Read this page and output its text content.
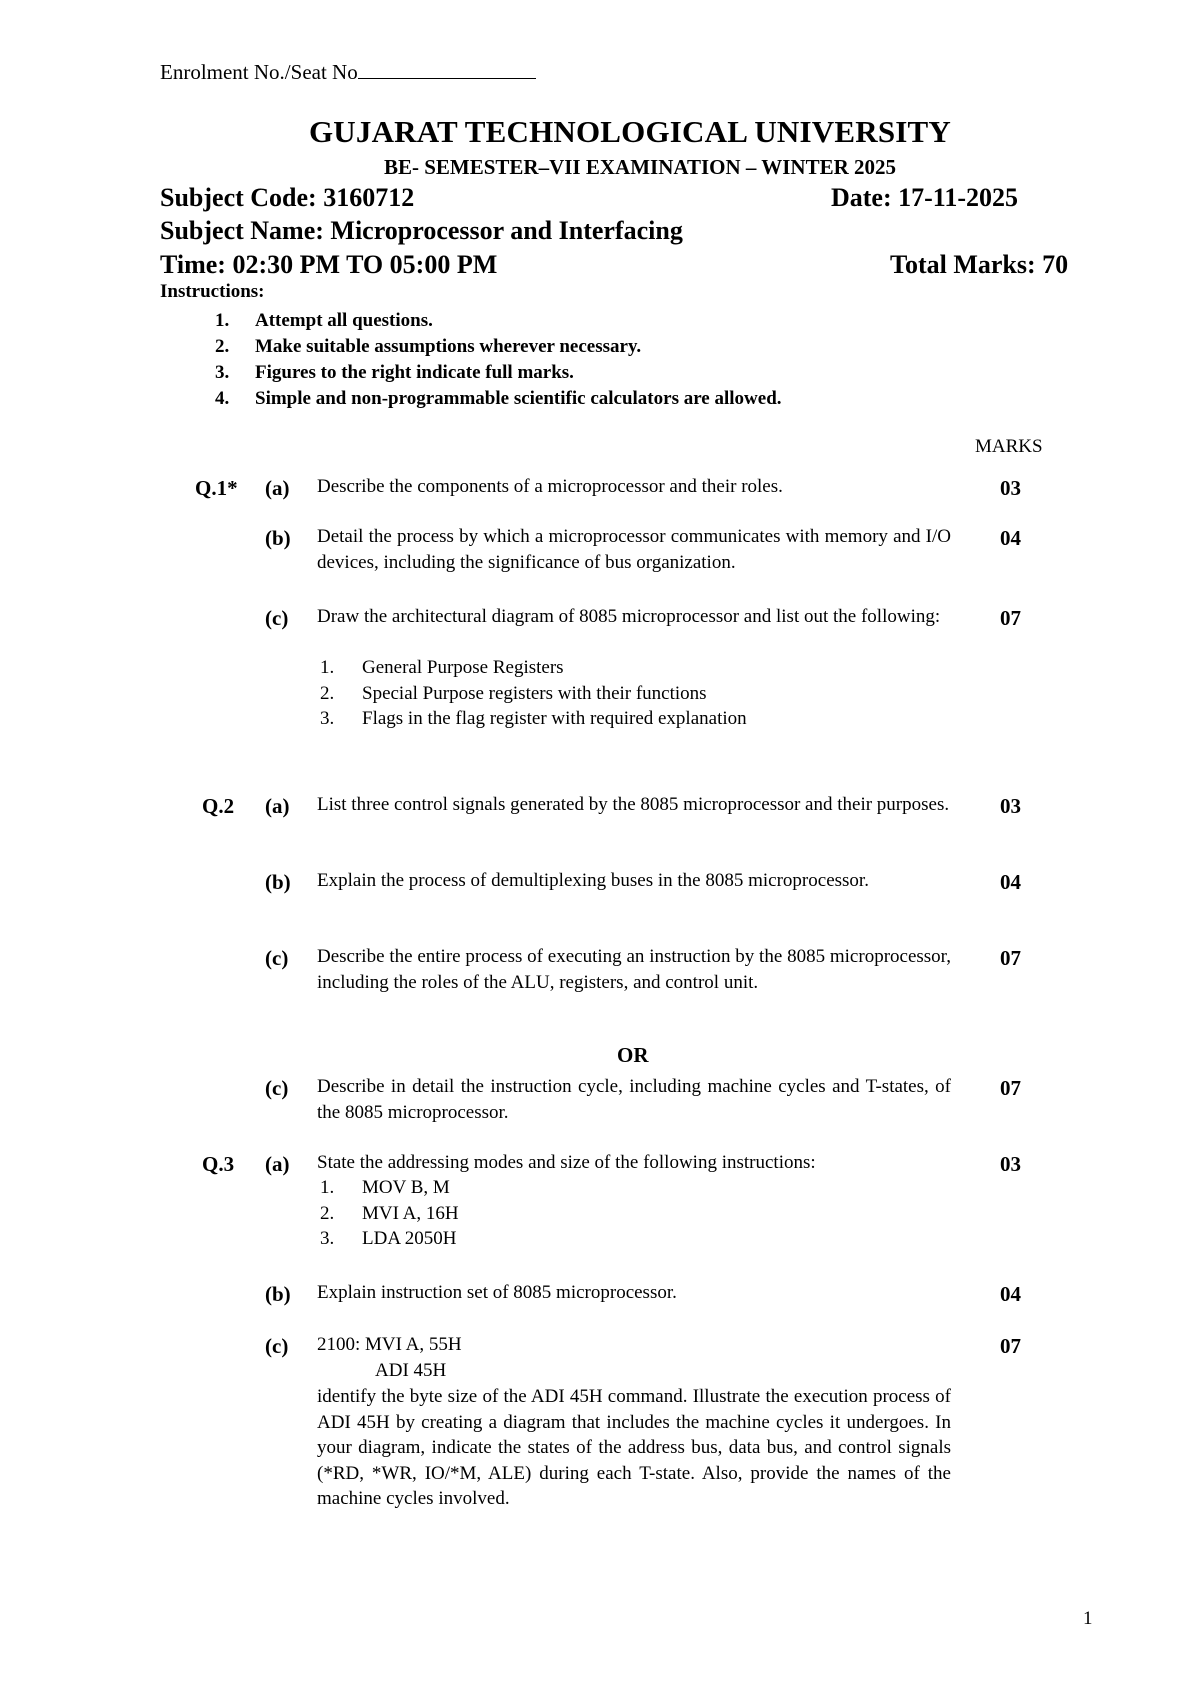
Enrolment No./Seat No
GUJARAT TECHNOLOGICAL UNIVERSITY
BE- SEMESTER–VII EXAMINATION – WINTER 2025
Subject Code: 3160712	Date: 17-11-2025
Subject Name: Microprocessor and Interfacing
Time: 02:30 PM TO 05:00 PM	Total Marks: 70
Instructions:
1. Attempt all questions.
2. Make suitable assumptions wherever necessary.
3. Figures to the right indicate full marks.
4. Simple and non-programmable scientific calculators are allowed.
MARKS
Q.1* (a) Describe the components of a microprocessor and their roles.	03
(b) Detail the process by which a microprocessor communicates with memory and I/O devices, including the significance of bus organization.
04
(c) Draw the architectural diagram of 8085 microprocessor and list out the following:	07
1. General Purpose Registers
2. Special Purpose registers with their functions
3. Flags in the flag register with required explanation
Q.2 (a) List three control signals generated by the 8085 microprocessor and their purposes. 03
(b) Explain the process of demultiplexing buses in the 8085 microprocessor.	04
(c) Describe the entire process of executing an instruction by the 8085 microprocessor, including the roles of the ALU, registers, and control unit.
07
OR
(c) Describe in detail the instruction cycle, including machine cycles and T-states, of the 8085 microprocessor.
07
Q.3 (a) State the addressing modes and size of the following instructions:	03
1. MOV B, M
2. MVI A, 16H
3. LDA 2050H
(b) Explain instruction set of 8085 microprocessor.	04
(c) 2100: MVI A, 55H
ADI 45H
identify the byte size of the ADI 45H command. Illustrate the execution process of ADI 45H by creating a diagram that includes the machine cycles it undergoes. In your diagram, indicate the states of the address bus, data bus, and control signals (*RD, *WR, IO/*M, ALE) during each T-state. Also, provide the names of the machine cycles involved.
07
1
